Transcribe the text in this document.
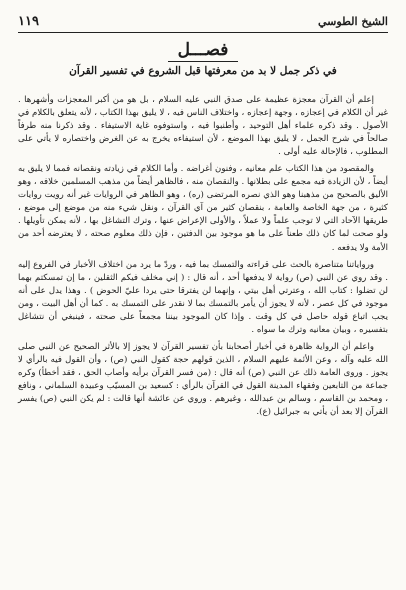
١١٩	الشيخ الطوسي
فصـــل
في ذكر جمل لا بد من معرفتها قبل الشروع في تفسير القرآن

إعلم أن القرآن معجزة عظيمة على صدق النبي عليه السلام ، بل هو من أكبر المعجزات وأشهرها . غير أن الكلام في إعجازه ، وجهة إعجازه ، واختلاف الناس فيه ، لا يليق بهذا الكتاب ، لأنه يتعلق بالكلام في الأصول . وقد ذكره علماء أهل التوحيد ، وأطنبوا فيه ، واستوفوه غاية الاستيفاء . وقد ذكرنا منه طرفاً صالحاً في شرح الجمل ، لا يليق بهذا الموضع ، لأن استيفاءه يخرج به عن الغرض واختصاره لا يأتي على المطلوب ، فالإحالة عليه أولى .

والمقصود من هذا الكتاب علم معانيه ، وفنون أغراضه . وأما الكلام في زيادته ونقصانه فمما لا يليق به أيضاً ، لأن الزيادة فيه مجمع على بطلانها . والنقصان منه ، فالظاهر أيضاً من مذهب المسلمين خلافه ، وهو الأليق بالصحيح من مذهبنا وهو الذي نصره المرتضى (ره) ، وهو الظاهر في الروايات غير أنه رويت روايات كثيرة ، من جهة الخاصة والعامة ، بنقصان كثير من آي القرآن ، ونقل شيء منه من موضع إلى موضع ، طريقها الآحاد التي لا توجب علماً ولا عملاً ، والأولى الإعراض عنها ، وترك التشاغل بها ، لأنه يمكن تأويلها . ولو صحت لما كان ذلك طعناً على ما هو موجود بين الدفتين ، فإن ذلك معلوم صحته ، لا يعترضه أحد من الأمة ولا يدفعه .

ورواياتنا متناصرة بالحث على قراءته والتمسك بما فيه ، وردّ ما يرد من اختلاف الأخبار في الفروع إليه . وقد روي عن النبي (ص) رواية لا يدفعها أحد ، أنه قال : ( إني مخلف فيكم الثقلين ، ما إن تمسكتم بهما لن تضلوا : كتاب الله ، وعترتي أهل بيتي ، وإنهما لن يفترقا حتى يردا عليّ الحوض ) . وهذا يدل على أنه موجود في كل عصر ، لأنه لا يجوز أن يأمر بالتمسك بما لا نقدر على التمسك به . كما أن أهل البيت ، ومن يجب اتباع قوله حاصل في كل وقت . وإذا كان الموجود بيننا مجمعاً على صحته ، فينبغي أن نتشاغل بتفسيره ، وبيان معانيه وترك ما سواه .

واعلم أن الرواية ظاهرة في أخبار أصحابنا بأن تفسير القرآن لا يجوز إلا بالأثر الصحيح عن النبي صلى الله عليه وآله ، وعن الأئمة عليهم السلام ، الذين قولهم حجة كقول النبي (ص) ، وأن القول فيه بالرأي لا يجوز . وروى العامة ذلك عن النبي (ص) أنه قال : (من فسر القرآن برأيه وأصاب الحق ، فقد أخطأ) وكره جماعة من التابعين وفقهاء المدينة القول في القرآن بالرأي : كسعيد بن المسيّب وعبيدة السلماني ، ونافع ، ومحمد بن القاسم ، وسالم بن عبدالله ، وغيرهم . وروي عن عائشة أنها قالت : لم يكن النبي (ص) يفسر القرآن إلا بعد أن يأتي به جبرائيل (ع).
